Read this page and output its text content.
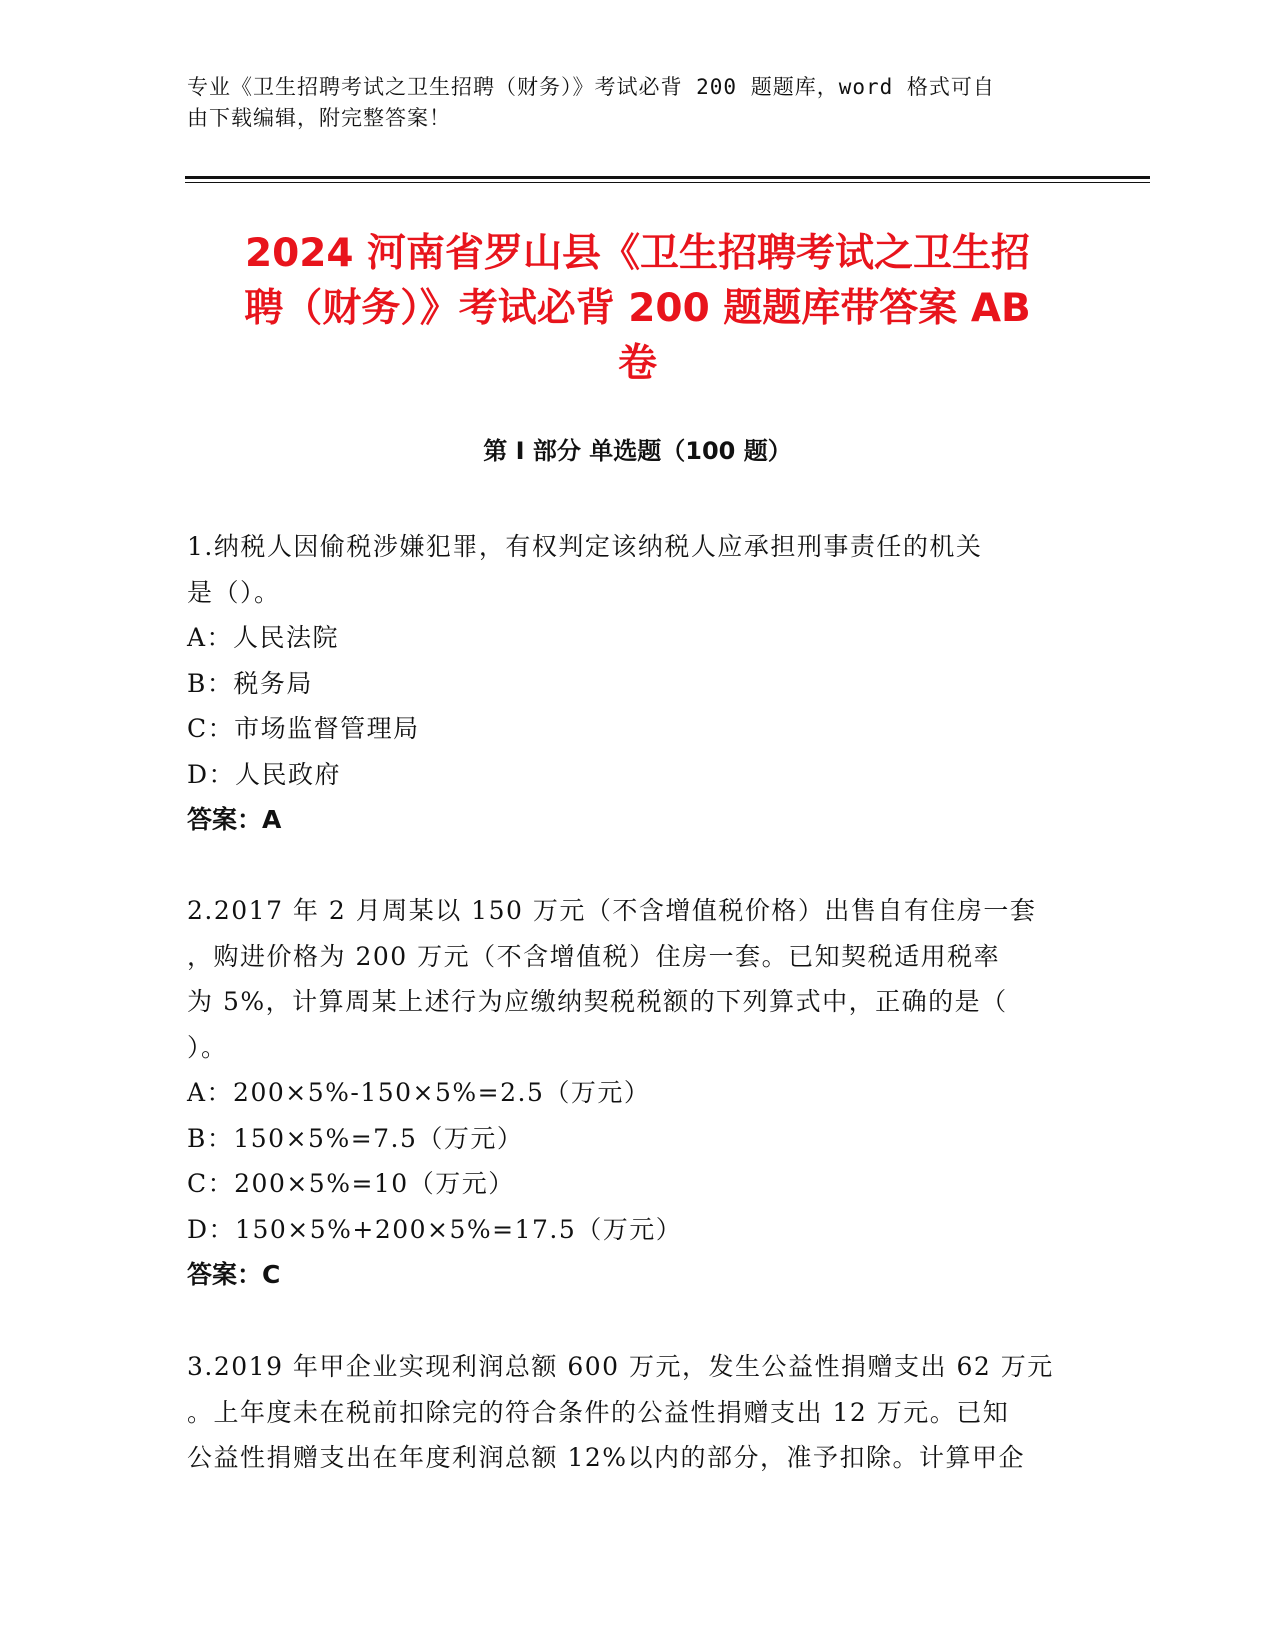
专业《卫生招聘考试之卫生招聘（财务）》考试必背 200 题题库，word 格式可自
由下载编辑，附完整答案！
2024 河南省罗山县《卫生招聘考试之卫生招
聘（财务）》考试必背 200 题题库带答案 AB
卷
第 I 部分 单选题（100 题）
1.纳税人因偷税涉嫌犯罪，有权判定该纳税人应承担刑事责任的机关
是（）。
A：人民法院
B：税务局
C：市场监督管理局
D：人民政府
答案：A
2.2017 年 2 月周某以 150 万元（不含增值税价格）出售自有住房一套
，购进价格为 200 万元（不含增值税）住房一套。已知契税适用税率
为 5%，计算周某上述行为应缴纳契税税额的下列算式中，正确的是（
）。
A：200×5%-150×5%=2.5（万元）
B：150×5%=7.5（万元）
C：200×5%=10（万元）
D：150×5%+200×5%=17.5（万元）
答案：C
3.2019 年甲企业实现利润总额 600 万元，发生公益性捐赠支出 62 万元
。上年度未在税前扣除完的符合条件的公益性捐赠支出 12 万元。已知
公益性捐赠支出在年度利润总额 12%以内的部分，准予扣除。计算甲企
